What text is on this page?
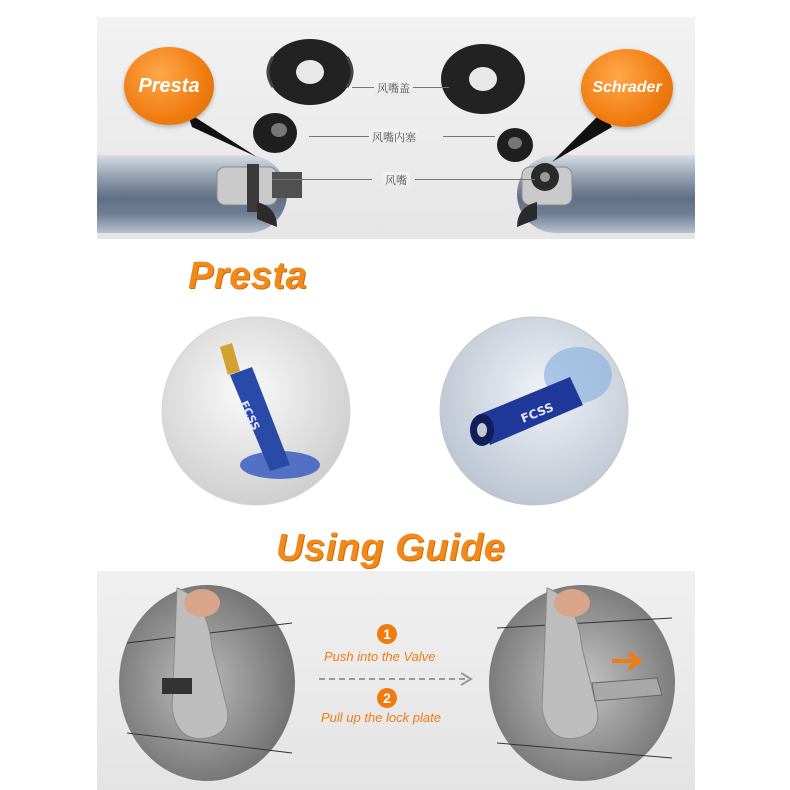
风嘴盖
风嘴内塞
风嘴
Presta	Schrader
Presta
FCSS	FCSS
Using Guide
1
Push into the Valve
2
Pull up the lock plate
